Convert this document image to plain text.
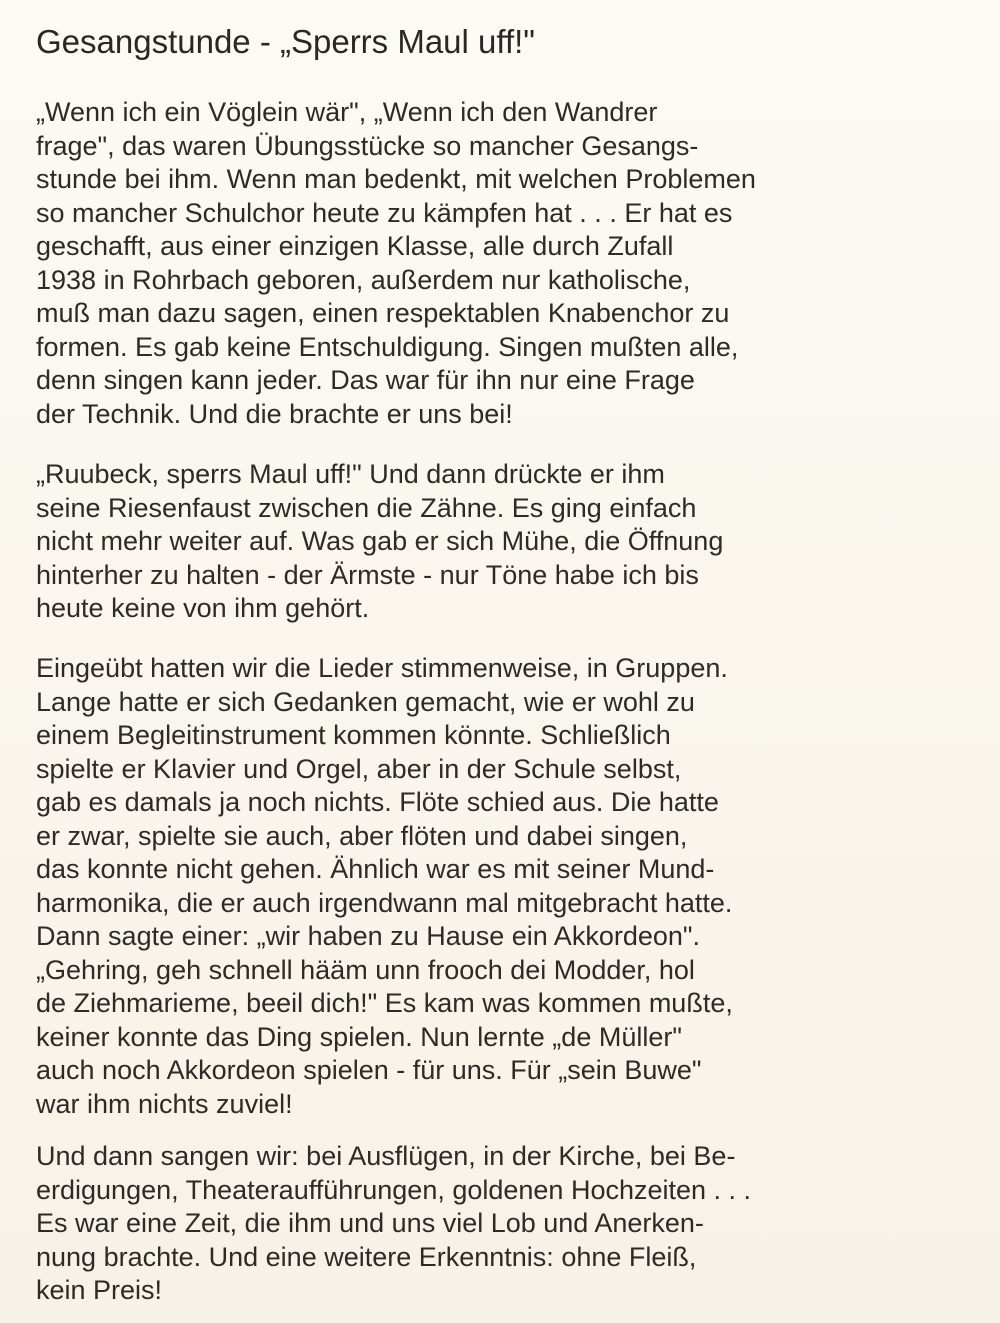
Gesangstunde - „Sperrs Maul uff!"

„Wenn ich ein Vöglein wär", „Wenn ich den Wandrer
frage", das waren Übungsstücke so mancher Gesangs-
stunde bei ihm. Wenn man bedenkt, mit welchen Problemen
so mancher Schulchor heute zu kämpfen hat . . . Er hat es
geschafft, aus einer einzigen Klasse, alle durch Zufall
1938 in Rohrbach geboren, außerdem nur katholische,
muß man dazu sagen, einen respektablen Knabenchor zu
formen. Es gab keine Entschuldigung. Singen mußten alle,
denn singen kann jeder. Das war für ihn nur eine Frage
der Technik. Und die brachte er uns bei!

„Ruubeck, sperrs Maul uff!" Und dann drückte er ihm
seine Riesenfaust zwischen die Zähne. Es ging einfach
nicht mehr weiter auf. Was gab er sich Mühe, die Öffnung
hinterher zu halten - der Ärmste - nur Töne habe ich bis
heute keine von ihm gehört.

Eingeübt hatten wir die Lieder stimmenweise, in Gruppen.
Lange hatte er sich Gedanken gemacht, wie er wohl zu
einem Begleitinstrument kommen könnte. Schließlich
spielte er Klavier und Orgel, aber in der Schule selbst,
gab es damals ja noch nichts. Flöte schied aus. Die hatte
er zwar, spielte sie auch, aber flöten und dabei singen,
das konnte nicht gehen. Ähnlich war es mit seiner Mund-
harmonika, die er auch irgendwann mal mitgebracht hatte.
Dann sagte einer: „wir haben zu Hause ein Akkordeon".
„Gehring, geh schnell hääm unn frooch dei Modder, hol
de Ziehmarieme, beeil dich!" Es kam was kommen mußte,
keiner konnte das Ding spielen. Nun lernte „de Müller"
auch noch Akkordeon spielen - für uns. Für „sein Buwe"
war ihm nichts zuviel!

Und dann sangen wir: bei Ausflügen, in der Kirche, bei Be-
erdigungen, Theateraufführungen, goldenen Hochzeiten . . .
Es war eine Zeit, die ihm und uns viel Lob und Anerken-
nung brachte. Und eine weitere Erkenntnis: ohne Fleiß,
kein Preis!
